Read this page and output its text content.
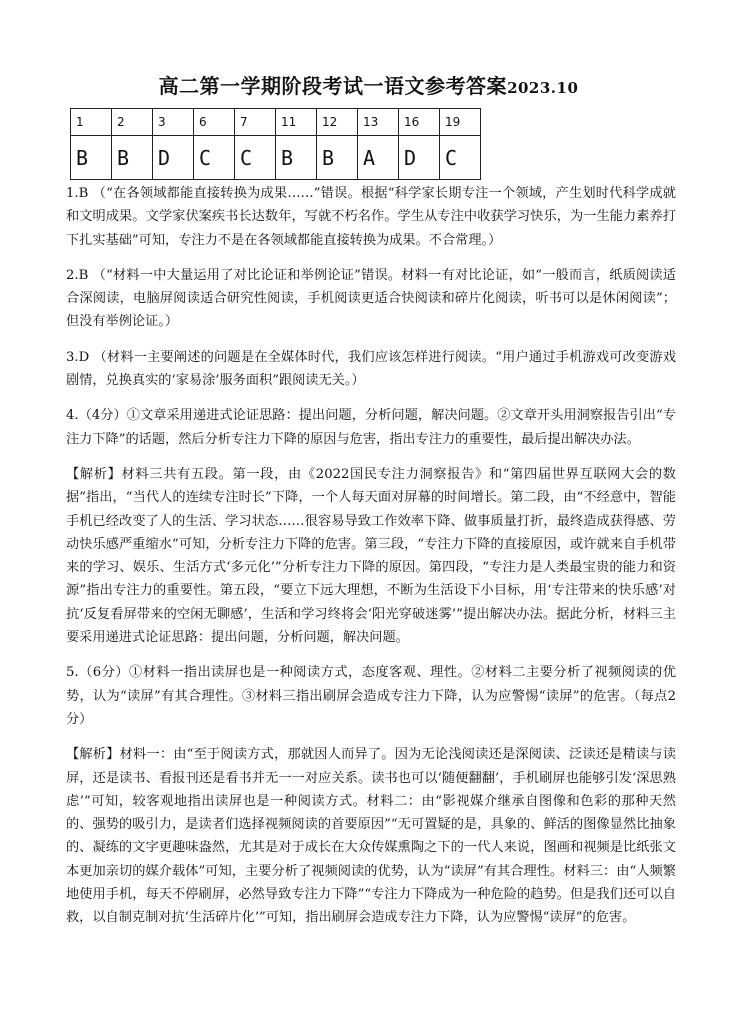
高二第一学期阶段考试一语文参考答案2023.10
1	2	3	6	7	11	12	13	16	19
B	B	D	C	C	B	B	A	D	C

1.B （“在各领域都能直接转换为成果……”错误。根据“科学家长期专注一个领域，产生划时代科学成就和文明成果。文学家伏案疾书长达数年，写就不朽名作。学生从专注中收获学习快乐，为一生能力素养打下扎实基础”可知，专注力不是在各领域都能直接转换为成果。不合常理。）

2.B （“材料一中大量运用了对比论证和举例论证”错误。材料一有对比论证，如“一般而言，纸质阅读适合深阅读，电脑屏阅读适合研究性阅读，手机阅读更适合快阅读和碎片化阅读，听书可以是休闲阅读”；但没有举例论证。）

3.D （材料一主要阐述的问题是在全媒体时代，我们应该怎样进行阅读。“用户通过手机游戏可改变游戏剧情，兑换真实的‘家易涂’服务面积”跟阅读无关。）

4.（4分）①文章采用递进式论证思路：提出问题，分析问题，解决问题。②文章开头用洞察报告引出“专注力下降”的话题，然后分析专注力下降的原因与危害，指出专注力的重要性，最后提出解决办法。

【解析】材料三共有五段。第一段，由《2022国民专注力洞察报告》和“第四届世界互联网大会的数据”指出，“当代人的连续专注时长”下降，一个人每天面对屏幕的时间增长。第二段，由“不经意中，智能手机已经改变了人的生活、学习状态……很容易导致工作效率下降、做事质量打折，最终造成获得感、劳动快乐感严重缩水”可知，分析专注力下降的危害。第三段，“专注力下降的直接原因，或许就来自手机带来的学习、娱乐、生活方式‘多元化’”分析专注力下降的原因。第四段，“专注力是人类最宝贵的能力和资源”指出专注力的重要性。第五段，“要立下远大理想，不断为生活设下小目标，用‘专注带来的快乐感’对抗‘反复看屏带来的空闲无聊感’，生活和学习终将会‘阳光穿破迷雾’”提出解决办法。据此分析，材料三主要采用递进式论证思路：提出问题，分析问题，解决问题。

5.（6分）①材料一指出读屏也是一种阅读方式，态度客观、理性。②材料二主要分析了视频阅读的优势，认为“读屏”有其合理性。③材料三指出刷屏会造成专注力下降，认为应警惕“读屏”的危害。（每点2分）

【解析】材料一：由“至于阅读方式，那就因人而异了。因为无论浅阅读还是深阅读、泛读还是精读与读屏，还是读书、看报刊还是看书并无一一对应关系。读书也可以‘随便翻翻’，手机刷屏也能够引发‘深思熟虑’”可知，较客观地指出读屏也是一种阅读方式。材料二：由“影视媒介继承自图像和色彩的那种天然的、强势的吸引力，是读者们选择视频阅读的首要原因”“无可置疑的是，具象的、鲜活的图像显然比抽象的、凝练的文字更趣味盎然，尤其是对于成长在大众传媒熏陶之下的一代人来说，图画和视频是比纸张文本更加亲切的媒介载体”可知，主要分析了视频阅读的优势，认为“读屏”有其合理性。材料三：由“人频繁地使用手机，每天不停刷屏，必然导致专注力下降”“专注力下降成为一种危险的趋势。但是我们还可以自救，以自制克制对抗‘生活碎片化’”可知，指出刷屏会造成专注力下降，认为应警惕“读屏”的危害。
